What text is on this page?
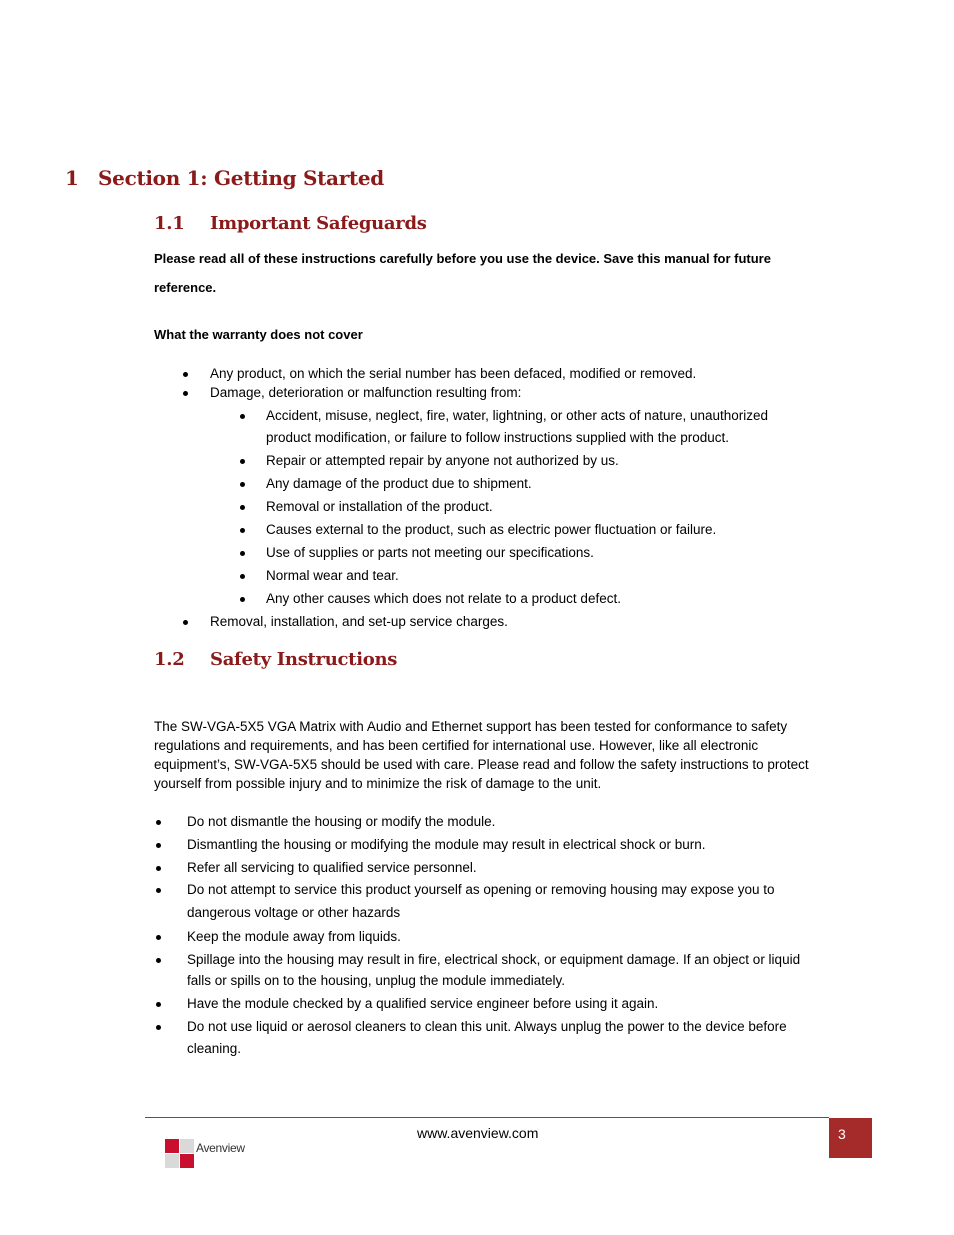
1 Section 1: Getting Started
1.1 Important Safeguards
Please read all of these instructions carefully before you use the device. Save this manual for future
reference.
What the warranty does not cover
Any product, on which the serial number has been defaced, modified or removed.
Damage, deterioration or malfunction resulting from:
Accident, misuse, neglect, fire, water, lightning, or other acts of nature, unauthorized
product modification, or failure to follow instructions supplied with the product.
Repair or attempted repair by anyone not authorized by us.
Any damage of the product due to shipment.
Removal or installation of the product.
Causes external to the product, such as electric power fluctuation or failure.
Use of supplies or parts not meeting our specifications.
Normal wear and tear.
Any other causes which does not relate to a product defect.
Removal, installation, and set-up service charges.
1.2 Safety Instructions
The SW-VGA-5X5 VGA Matrix with Audio and Ethernet support has been tested for conformance to safety
regulations and requirements, and has been certified for international use. However, like all electronic
equipment’s, SW-VGA-5X5 should be used with care. Please read and follow the safety instructions to protect
yourself from possible injury and to minimize the risk of damage to the unit.
Do not dismantle the housing or modify the module.
Dismantling the housing or modifying the module may result in electrical shock or burn.
Refer all servicing to qualified service personnel.
Do not attempt to service this product yourself as opening or removing housing may expose you to
dangerous voltage or other hazards
Keep the module away from liquids.
Spillage into the housing may result in fire, electrical shock, or equipment damage. If an object or liquid
falls or spills on to the housing, unplug the module immediately.
Have the module checked by a qualified service engineer before using it again.
Do not use liquid or aerosol cleaners to clean this unit. Always unplug the power to the device before
cleaning.
www.avenview.com	3
Avenview
